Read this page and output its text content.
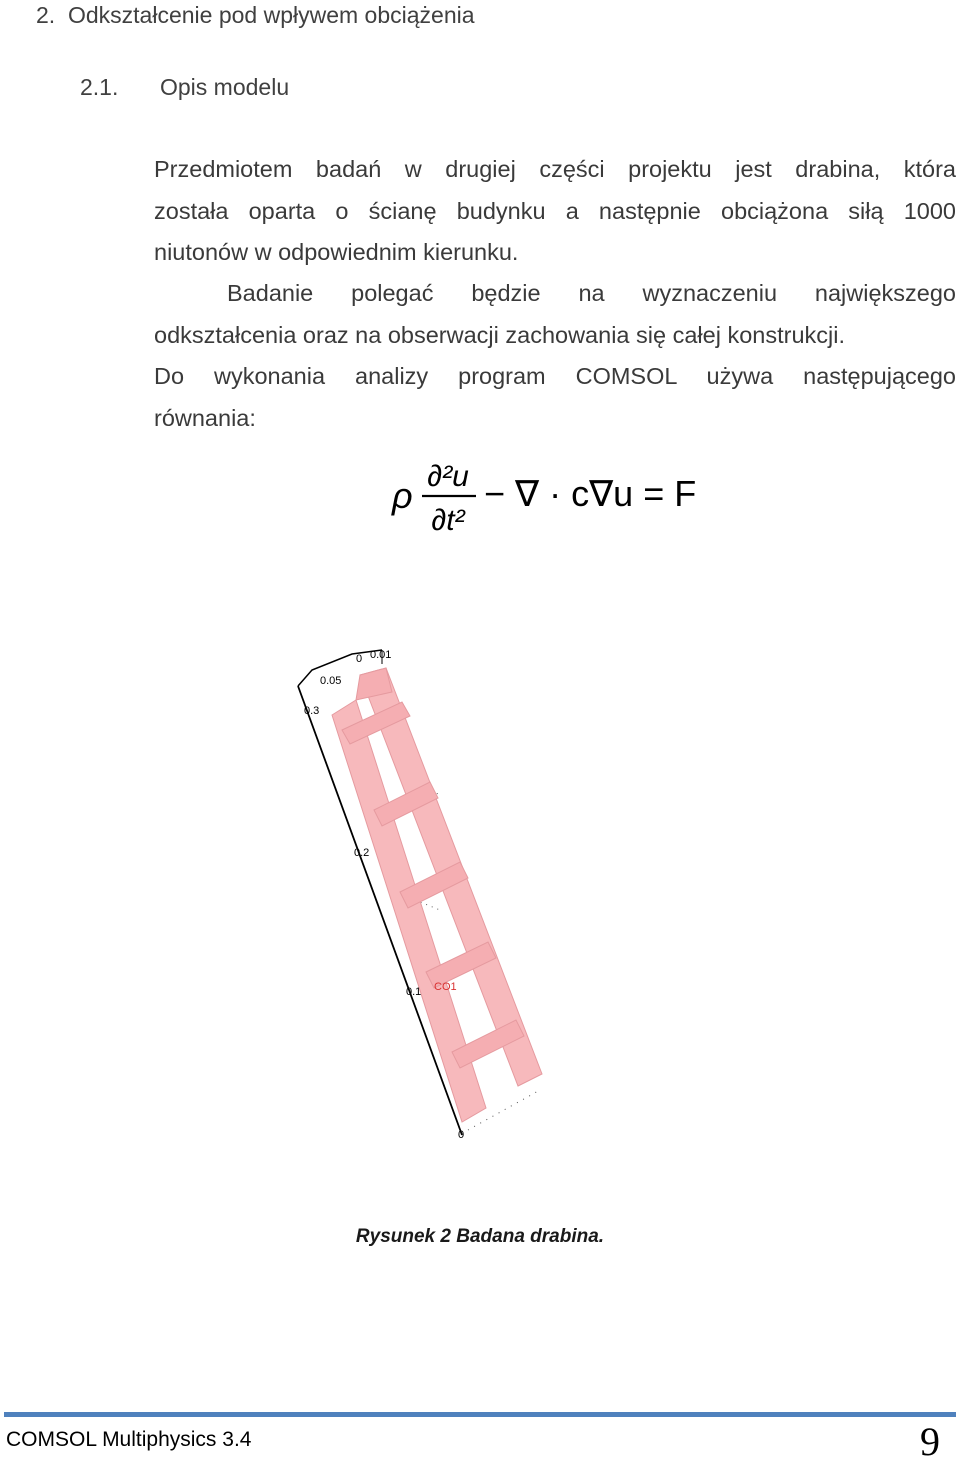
2. Odkształcenie pod wpływem obciążenia
2.1. Opis modelu
Przedmiotem badań w drugiej części projektu jest drabina, która
została oparta o ścianę budynku a następnie obciążona siłą 1000
niutonów w odpowiednim kierunku.
Badanie polegać będzie na wyznaczeniu największego
odkształcenia oraz na obserwacji zachowania się całej konstrukcji.
Do wykonania analizy program COMSOL używa następującego
równania:
ρ ∂²u
∂t²
− ∇ · c∇u = F
0 0.01
0.05
0.3
0.2
0.1
0
CO1
Rysunek 2 Badana drabina.
COMSOL Multiphysics 3.4	9
